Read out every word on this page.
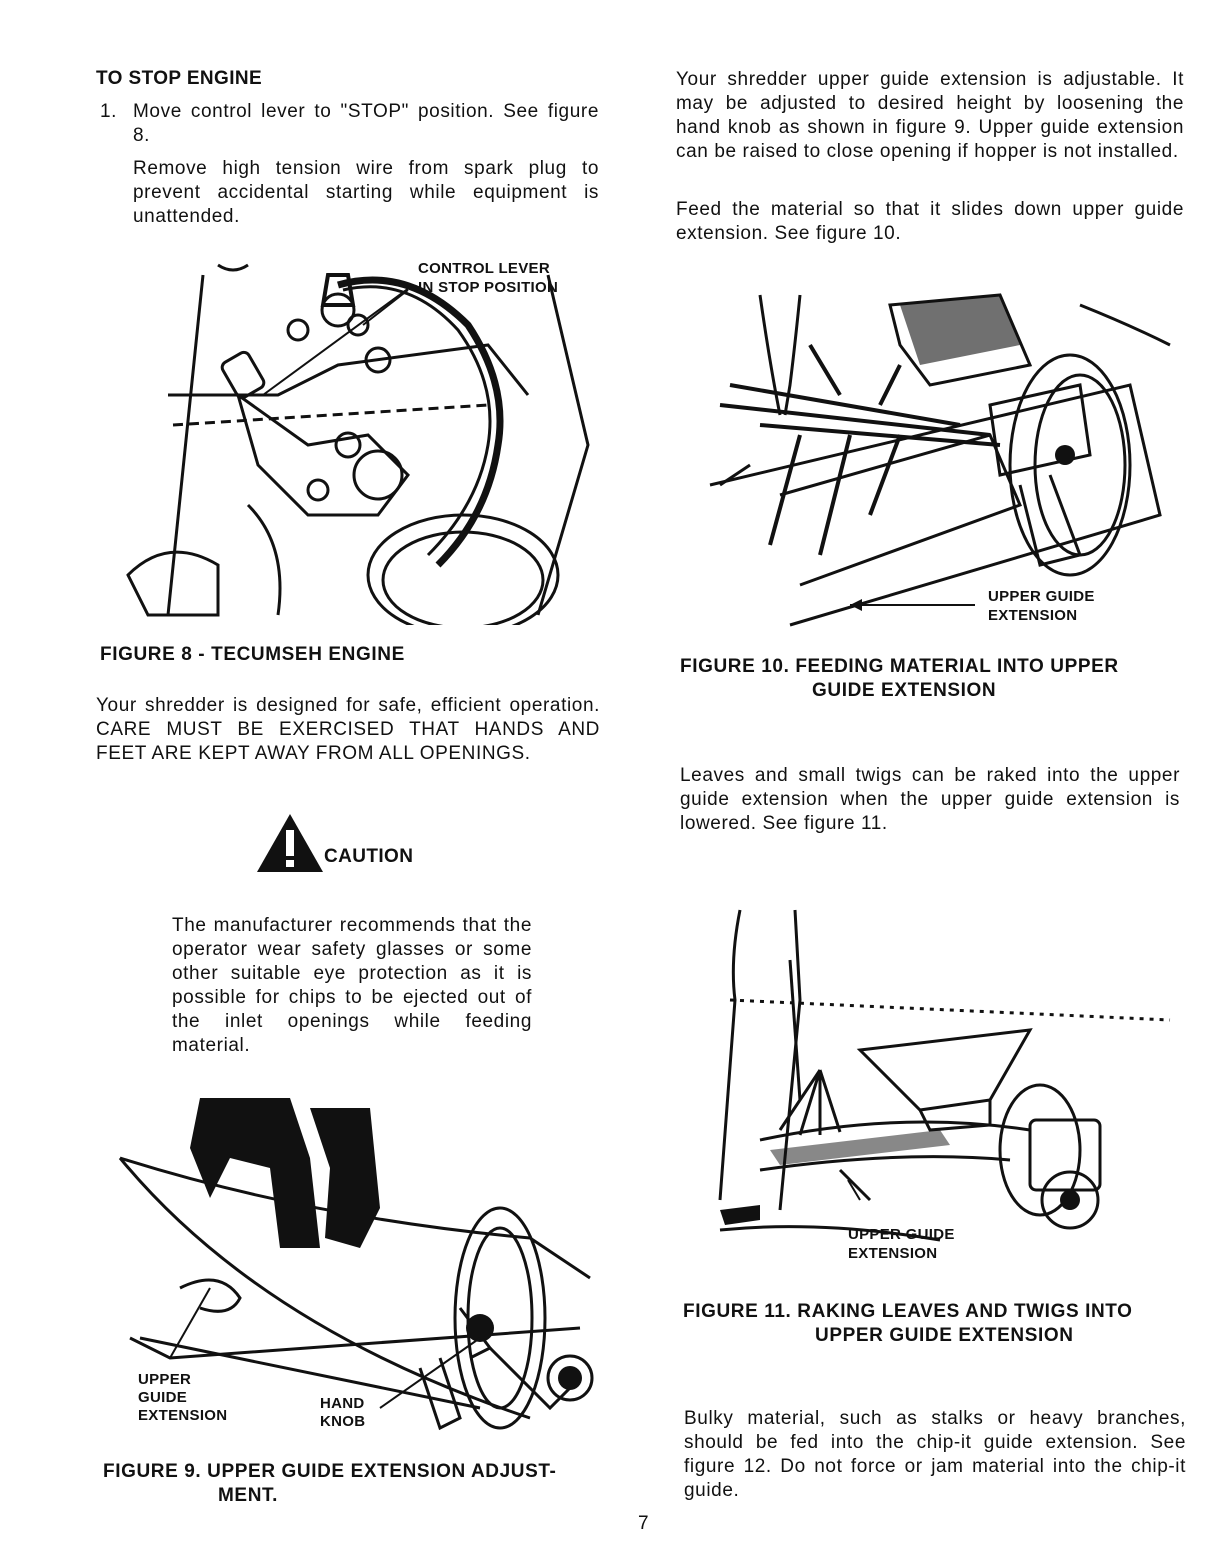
TO STOP ENGINE
1. Move control lever to "STOP" position. See figure 8.
Remove high tension wire from spark plug to prevent accidental starting while equipment is unattended.
CONTROL LEVER
IN STOP POSITION
FIGURE 8 - TECUMSEH ENGINE
Your shredder is designed for safe, efficient operation. CARE MUST BE EXERCISED THAT HANDS AND FEET ARE KEPT AWAY FROM ALL OPENINGS.
CAUTION
The manufacturer recommends that the operator wear safety glasses or some other suitable eye protection as it is possible for chips to be ejected out of the inlet openings while feeding material.
UPPER
GUIDE
EXTENSION
HAND
KNOB
FIGURE 9. UPPER GUIDE EXTENSION ADJUST-
MENT.
Your shredder upper guide extension is adjustable. It may be adjusted to desired height by loosening the hand knob as shown in figure 9. Upper guide extension can be raised to close opening if hopper is not installed.
Feed the material so that it slides down upper guide extension. See figure 10.
UPPER GUIDE
EXTENSION
FIGURE 10. FEEDING MATERIAL INTO UPPER
GUIDE EXTENSION
Leaves and small twigs can be raked into the upper guide extension when the upper guide extension is lowered. See figure 11.
UPPER GUIDE
EXTENSION
FIGURE 11. RAKING LEAVES AND TWIGS INTO
UPPER GUIDE EXTENSION
Bulky material, such as stalks or heavy branches, should be fed into the chip-it guide extension. See figure 12. Do not force or jam material into the chip-it guide.
7
